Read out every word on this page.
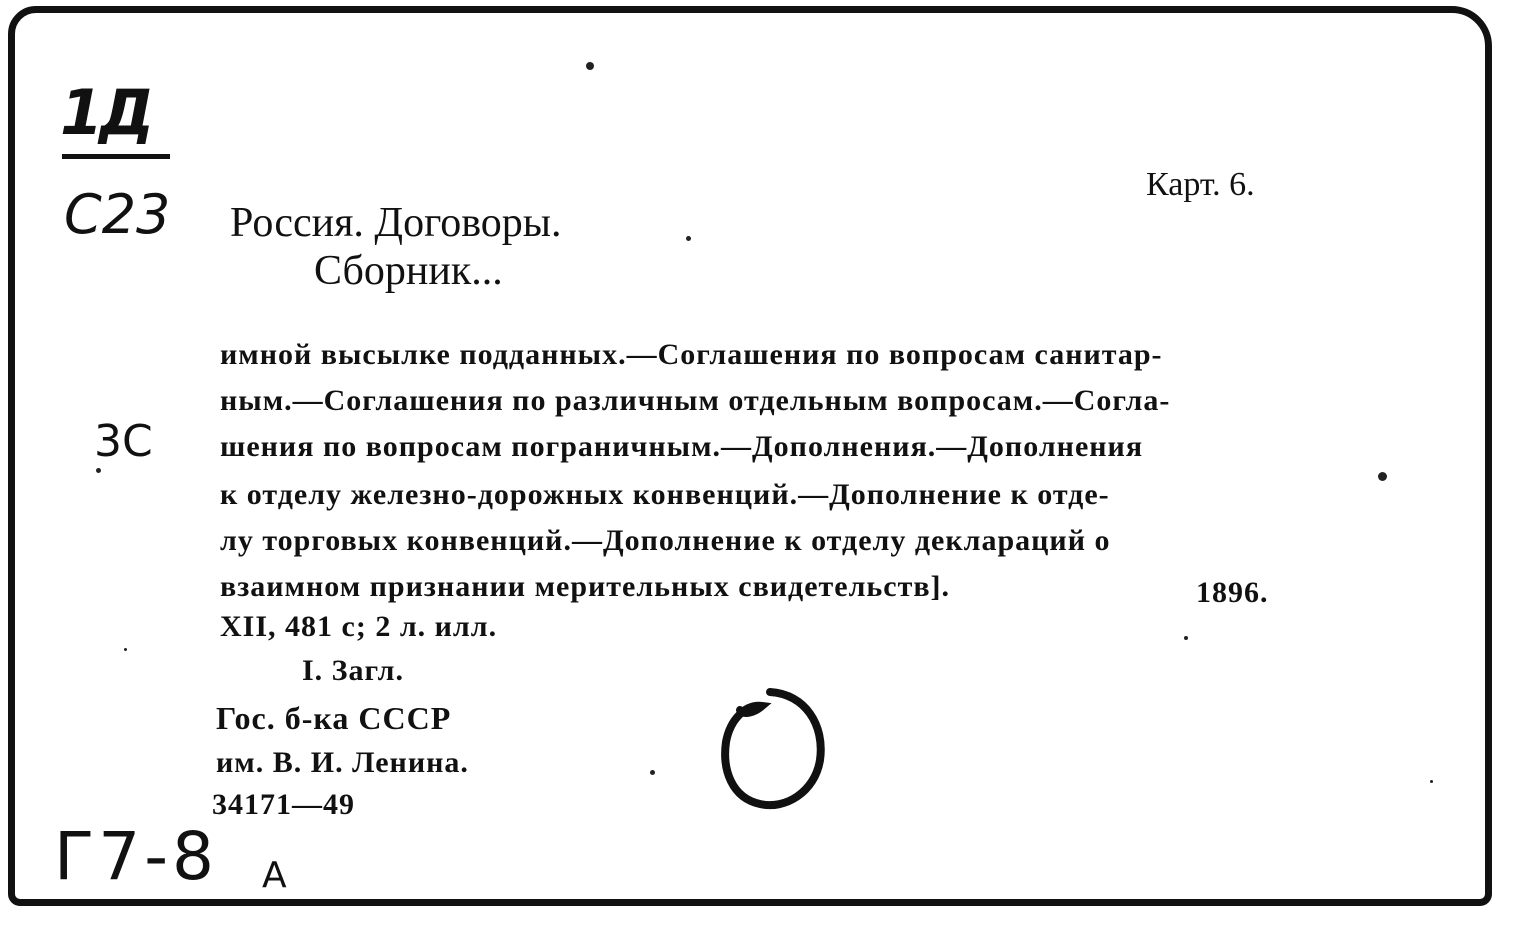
1Д
С23	Карт. 6.
Россия. Договоры.
Сборник...
3С
имной высылке подданных.—Соглашения по вопросам санитар-
ным.—Соглашения по различным отдельным вопросам.—Согла-
шения по вопросам пограничным.—Дополнения.—Дополнения
к отделу железно-дорожных конвенций.—Дополнение к отде-
лу торговых конвенций.—Дополнение к отделу деклараций о
взаимном признании мерительных свидетельств].	1896.
XII, 481 с; 2 л. илл.
I. Загл.
Гос. б-ка СССР
им. В. И. Ленина.
34171—49
Г7-8 А
